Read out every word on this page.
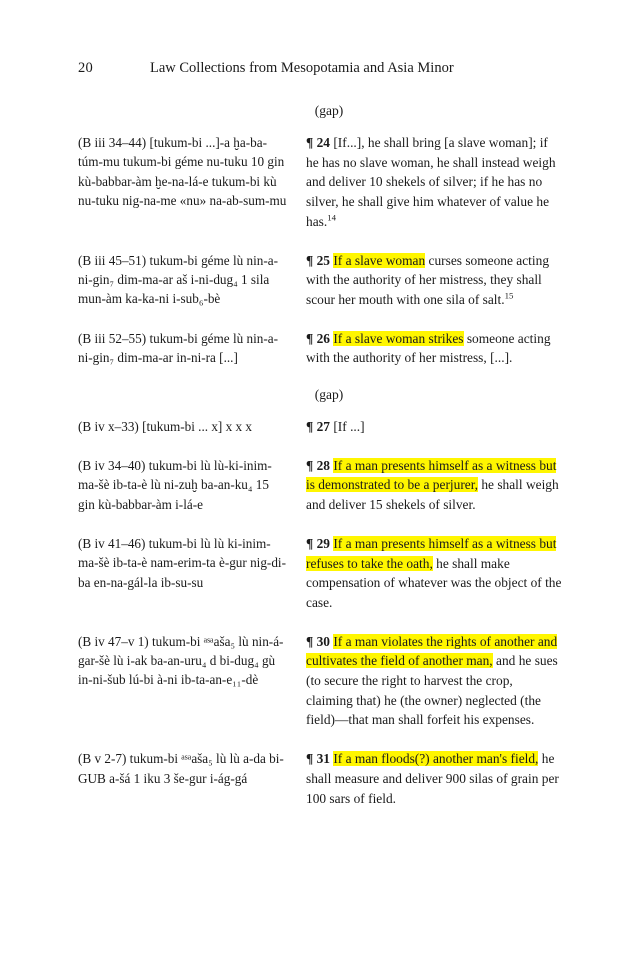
20	Law Collections from Mesopotamia and Asia Minor
(gap)
(B iii 34–44) [tukum-bi ...]-a ḫa-ba-túm-mu tukum-bi géme nu-tuku 10 gin kù-babbar-àm ḫe-na-lá-e tukum-bi kù nu-tuku nig-na-me «nu» na-ab-sum-mu
¶ 24 [If...], he shall bring [a slave woman]; if he has no slave woman, he shall instead weigh and deliver 10 shekels of silver; if he has no silver, he shall give him whatever of value he has.$^{14}$
(B iii 45–51) tukum-bi géme lù nin-a-ni-gin₇ dim-ma-ar aš i-ni-dug₄ 1 sila mun-àm ka-ka-ni i-sub₆-bè
¶ 25 If a slave woman curses someone acting with the authority of her mistress, they shall scour her mouth with one sila of salt.$^{15}$
(B iii 52–55) tukum-bi géme lù nin-a-ni-gin₇ dim-ma-ar in-ni-ra [...]
¶ 26 If a slave woman strikes someone acting with the authority of her mistress, [...].
(gap)
(B iv x–33) [tukum-bi ... x] x x x	¶ 27 [If ...]
(B iv 34–40) tukum-bi lù lù-ki-inim-ma-šè ib-ta-è lù ni-zuḫ ba-an-ku₄ 15 gin kù-babbar-àm i-lá-e
¶ 28 If a man presents himself as a witness but is demonstrated to be a perjurer, he shall weigh and deliver 15 shekels of silver.
(B iv 41–46) tukum-bi lù lù ki-inim-ma-šè ib-ta-è nam-erim-ta è-gur nig-di-ba en-na-gál-la ib-su-su
¶ 29 If a man presents himself as a witness but refuses to take the oath, he shall make compensation of whatever was the object of the case.
(B iv 47–v 1) tukum-bi ᵃˢᵃaša₅ lù nin-á-gar-šè lù i-ak ba-an-uru₄ d bi-dug₄ gù in-ni-šub lú-bi à-ni ib-ta-an-e₁₁-dè
¶ 30 If a man violates the rights of another and cultivates the field of another man, and he sues (to secure the right to harvest the crop, claiming that) he (the owner) neglected (the field)—that man shall forfeit his expenses.
(B v 2-7) tukum-bi ᵃˢᵃaša₅ lù lù a-da bi-GUB a-šá 1 iku 3 še-gur i-ág-gá
¶ 31 If a man floods(?) another man's field, he shall measure and deliver 900 silas of grain per 100 sars of field.
